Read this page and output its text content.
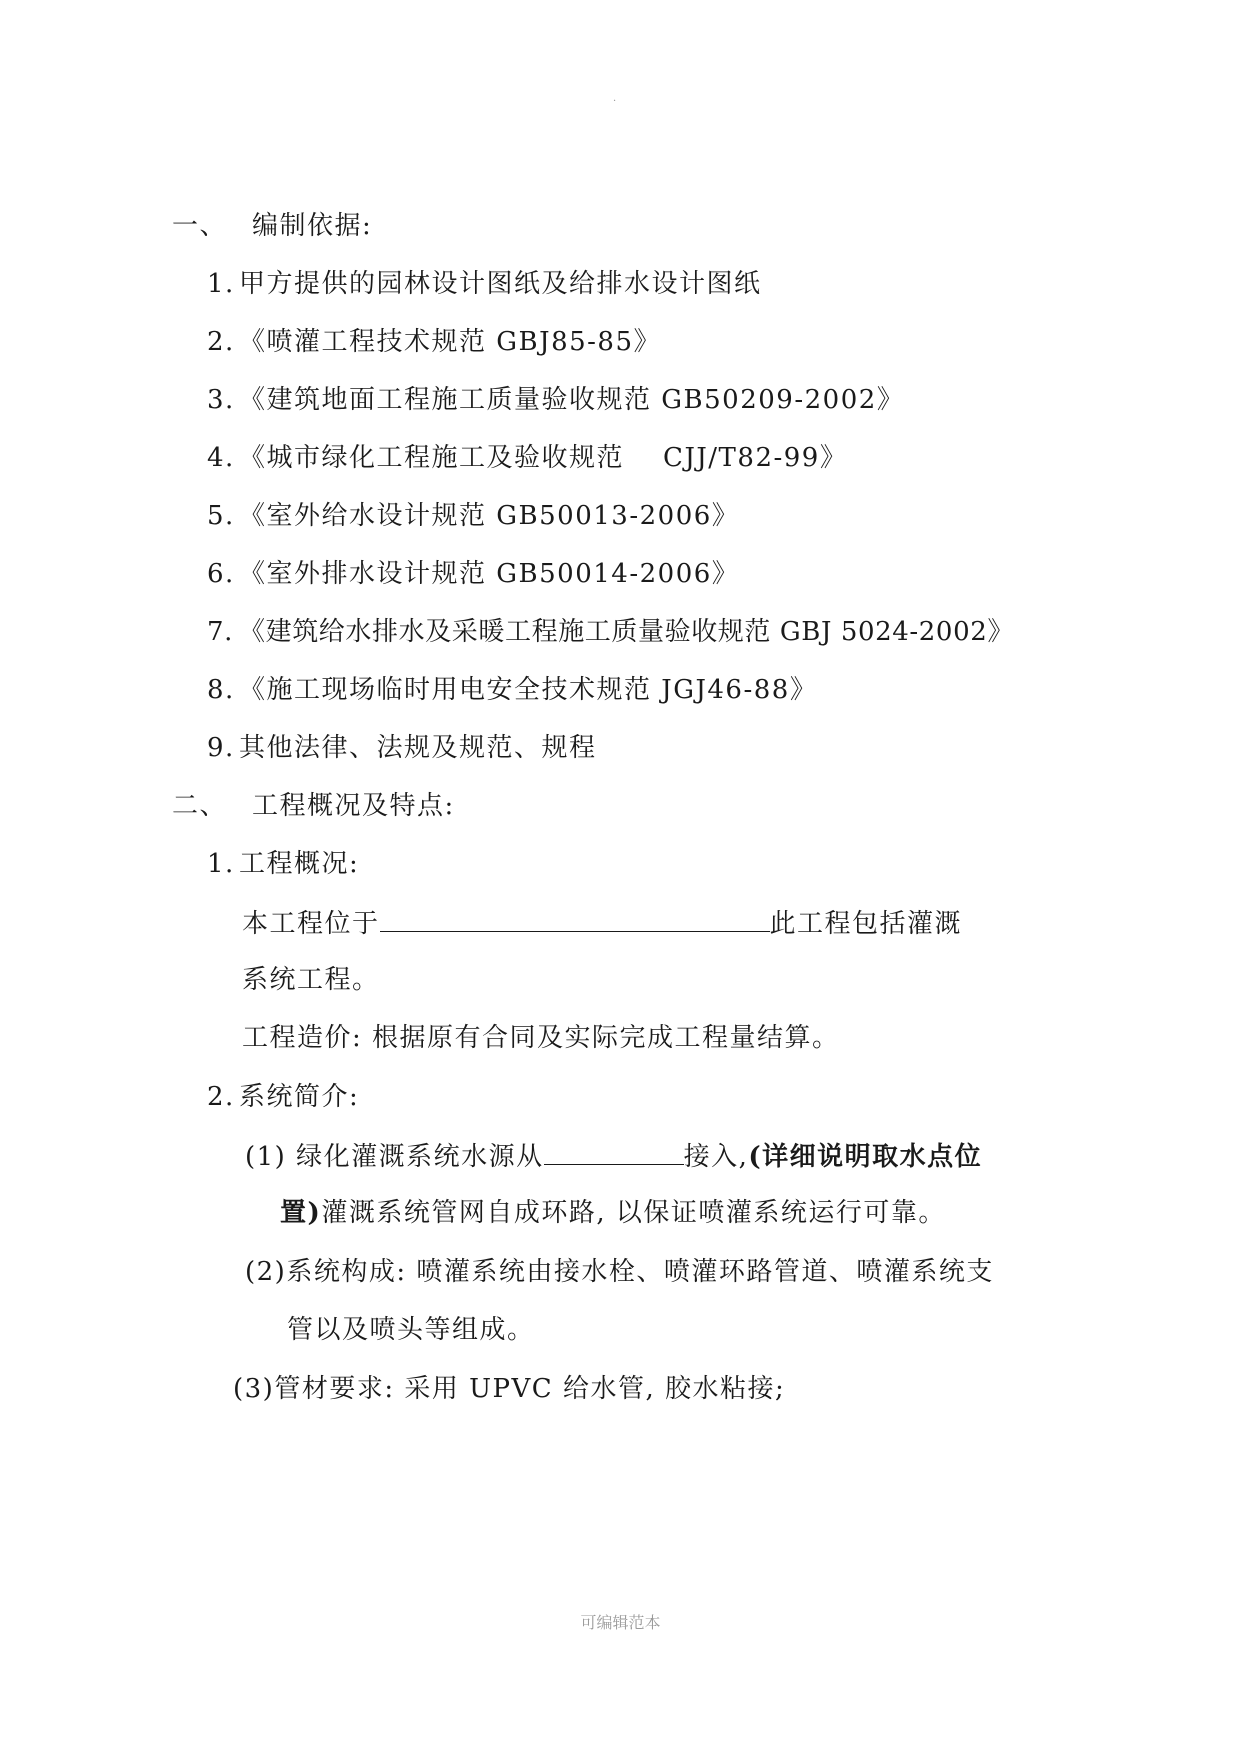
·
一、 编制依据:
1. 甲方提供的园林设计图纸及给排水设计图纸
2. 《喷灌工程技术规范 GBJ85-85》
3. 《建筑地面工程施工质量验收规范 GB50209-2002》
4. 《城市绿化工程施工及验收规范    CJJ/T82-99》
5. 《室外给水设计规范 GB50013-2006》
6. 《室外排水设计规范 GB50014-2006》
7. 《建筑给水排水及采暖工程施工质量验收规范 GBJ 5024-2002》
8. 《施工现场临时用电安全技术规范 JGJ46-88》
9. 其他法律、法规及规范、规程
二、 工程概况及特点:
1. 工程概况:
本工程位于	此工程包括灌溉
系统工程。
工程造价: 根据原有合同及实际完成工程量结算。
2. 系统简介:
(1) 绿化灌溉系统水源从	接入,(详细说明取水点位
置)灌溉系统管网自成环路, 以保证喷灌系统运行可靠。
(2)系统构成: 喷灌系统由接水栓、喷灌环路管道、喷灌系统支
管以及喷头等组成。
(3)管材要求: 采用 UPVC 给水管, 胶水粘接;
可编辑范本
